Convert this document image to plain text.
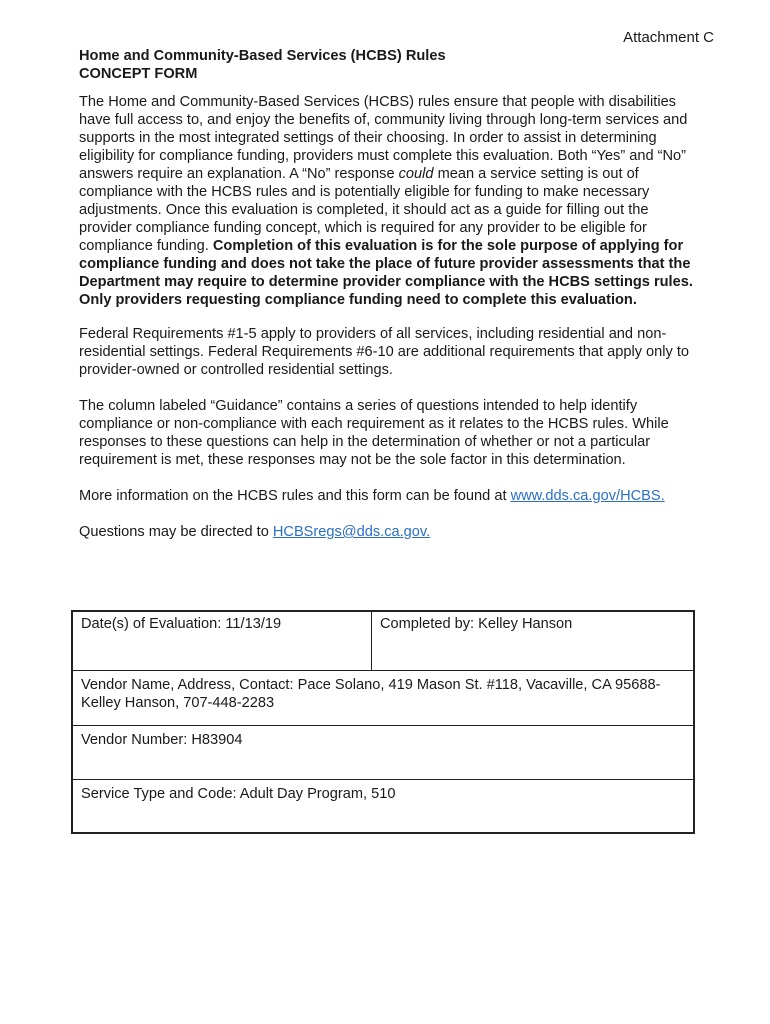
Attachment C
Home and Community-Based Services (HCBS) Rules
CONCEPT FORM

The Home and Community-Based Services (HCBS) rules ensure that people with disabilities have full access to, and enjoy the benefits of, community living through long-term services and supports in the most integrated settings of their choosing. In order to assist in determining eligibility for compliance funding, providers must complete this evaluation. Both “Yes” and “No” answers require an explanation. A “No” response could mean a service setting is out of compliance with the HCBS rules and is potentially eligible for funding to make necessary adjustments. Once this evaluation is completed, it should act as a guide for filling out the provider compliance funding concept, which is required for any provider to be eligible for compliance funding. Completion of this evaluation is for the sole purpose of applying for compliance funding and does not take the place of future provider assessments that the Department may require to determine provider compliance with the HCBS settings rules. Only providers requesting compliance funding need to complete this evaluation.

Federal Requirements #1-5 apply to providers of all services, including residential and non-residential settings. Federal Requirements #6-10 are additional requirements that apply only to provider-owned or controlled residential settings.

The column labeled “Guidance” contains a series of questions intended to help identify compliance or non-compliance with each requirement as it relates to the HCBS rules. While responses to these questions can help in the determination of whether or not a particular requirement is met, these responses may not be the sole factor in this determination.

More information on the HCBS rules and this form can be found at www.dds.ca.gov/HCBS.

Questions may be directed to HCBSregs@dds.ca.gov.

Date(s) of Evaluation: 11/13/19	Completed by: Kelley Hanson
Vendor Name, Address, Contact: Pace Solano, 419 Mason St. #118, Vacaville, CA 95688- Kelley Hanson, 707-448-2283
Vendor Number: H83904
Service Type and Code: Adult Day Program, 510
